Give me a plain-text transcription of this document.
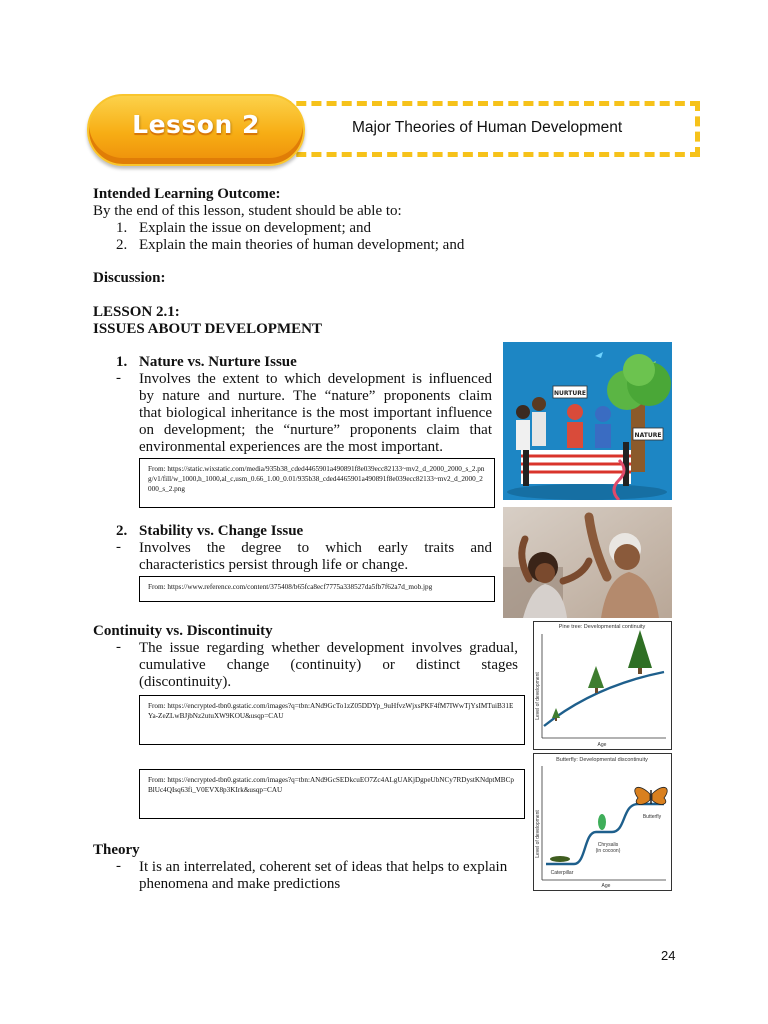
Lesson 2	Major Theories of Human Development
Intended Learning Outcome:
By the end of this lesson, student should be able to:
1. Explain the issue on development; and
2. Explain the main theories of human development; and
Discussion:
LESSON 2.1:
ISSUES ABOUT DEVELOPMENT
1. Nature vs. Nurture Issue
- Involves the extent to which development is influenced
by nature and nurture. The “nature” proponents claim
that biological inheritance is the most important influence
on development; the “nurture” proponents claim that
environmental experiences are the most important.
From: https://static.wixstatic.com/media/935b38_cded4465901a490891f8e039ecc82133~mv2_d_2000_2000_s_2.png/v1/fill/w_1000,h_1000,al_c,usm_0.66_1.00_0.01/935b38_cded4465901a490891f8e039ecc82133~mv2_d_2000_2000_s_2.png
NURTURE
NATURE
2. Stability vs. Change Issue
- Involves the degree to which early traits and
characteristics persist through life or change.
From: https://www.reference.com/content/375408/b65fca8ecf7775a338527da5fb7f62a7d_mob.jpg
Continuity vs. Discontinuity
- The issue regarding whether development involves gradual,
cumulative change (continuity) or distinct stages
(discontinuity).
From: https://encrypted-tbn0.gstatic.com/images?q=tbn:ANd9GcTo1zZ05DDYp_9uHfvzWjxsPKF4fM7IWwTjYsIMTuiB31EYa-ZeZLwBJjbNz2utuXW9KOU&usqp=CAU
From: https://encrypted-tbn0.gstatic.com/images?q=tbn:ANd9GcSEDkcuEO7Zc4ALgUAKjDgpeUbNCy7RDystKNdptMBCpBlUc4QIsq63fi_V0EVX8p3KIrk&usqp=CAU
Pine tree: Developmental continuity
Level of development
Age
Butterfly: Developmental discontinuity
Level of development
Age
Caterpillar
Chrysalis
(in cocoon)
Butterfly
Theory
- It is an interrelated, coherent set of ideas that helps to explain
phenomena and make predictions
24
